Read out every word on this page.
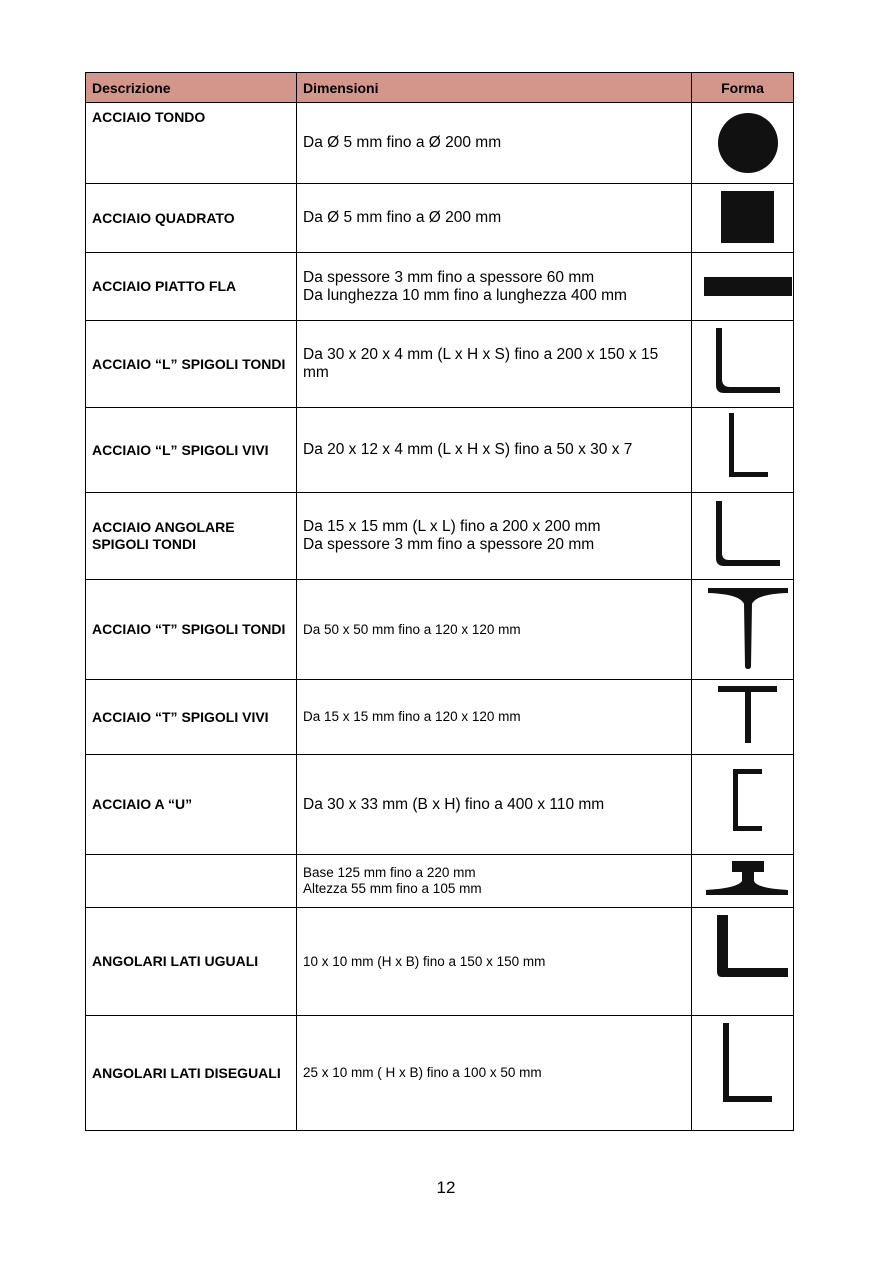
Descrizione	Dimensioni	Forma
ACCIAIO TONDO	Da Ø 5 mm fino a Ø 200 mm

ACCIAIO QUADRATO	Da Ø 5 mm fino a Ø 200 mm

ACCIAIO PIATTO FLA	Da spessore 3 mm fino a spessore 60 mm
Da lunghezza 10 mm fino a lunghezza 400 mm

ACCIAIO “L” SPIGOLI TONDI	Da 30 x 20 x 4 mm (L x H x S) fino a 200 x 150 x 15 mm

ACCIAIO “L” SPIGOLI VIVI	Da 20 x 12 x 4 mm (L x H x S) fino a 50 x 30 x 7

ACCIAIO ANGOLARE SPIGOLI TONDI	Da 15 x 15 mm (L x L) fino a 200 x 200 mm
Da spessore 3 mm fino a spessore 20 mm

ACCIAIO “T” SPIGOLI TONDI	Da 50 x 50 mm fino a 120 x 120 mm

ACCIAIO “T” SPIGOLI VIVI	Da 15 x 15 mm fino a 120 x 120 mm

ACCIAIO A “U”	Da 30 x 33 mm (B x H) fino a 400 x 110 mm

	Base 125 mm fino a 220 mm
Altezza 55 mm fino a 105 mm

ANGOLARI LATI UGUALI	10 x 10 mm (H x B) fino a 150 x 150 mm

ANGOLARI LATI DISEGUALI	25 x 10 mm ( H x B) fino a 100 x 50 mm

12
